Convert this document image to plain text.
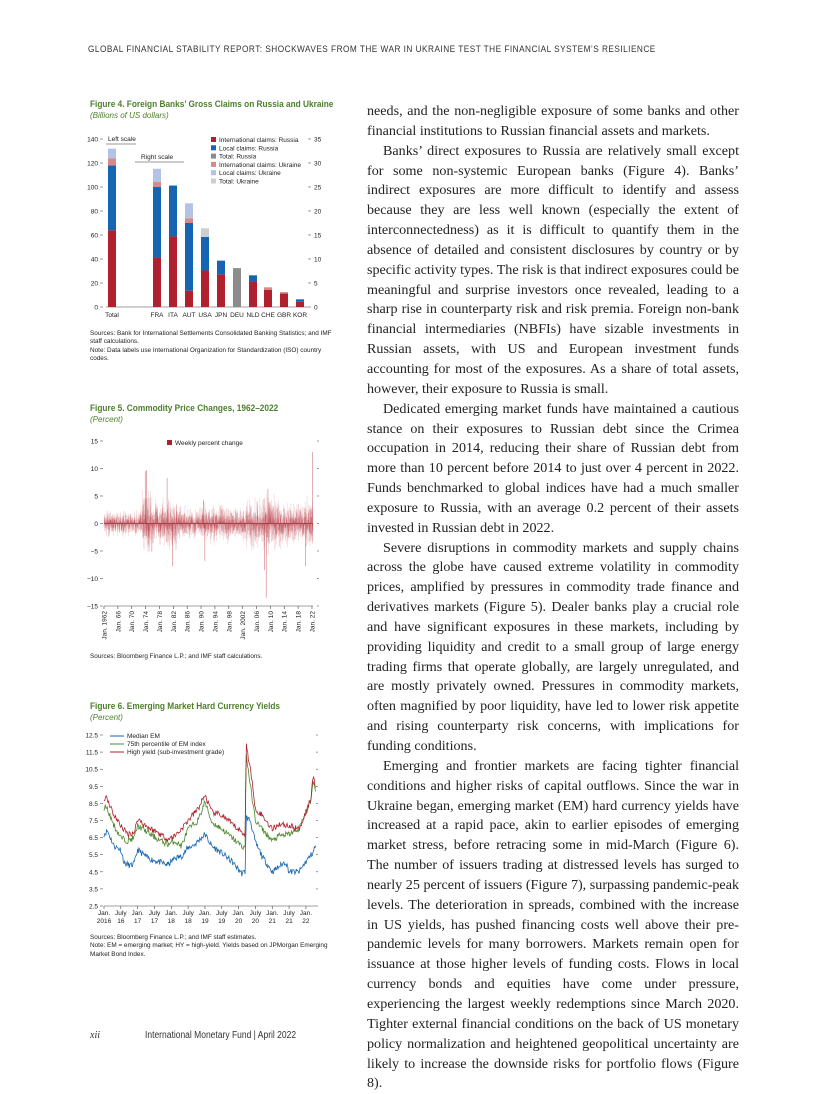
GLOBAL FINANCIAL STABILITY REPORT: SHOCKWAVES FROM THE WAR IN UKRAINE TEST THE FINANCIAL SYSTEM’S RESILIENCE
Figure 4. Foreign Banks’ Gross Claims on Russia and Ukraine
(Billions of US dollars)
0
20
40
60
80
100
120
140
0
5
10
15
20
25
30
35
Total	FRA ITA AUT USA JPN DEU NLD CHE GBR KOR
Left scale
Right scale
International claims: Russia
Local claims: Russia
Total: Russia
International claims: Ukraine
Local claims: Ukraine
Total: Ukraine
Sources: Bank for International Settlements Consolidated Banking Statistics; and IMF staff calculations.
Note: Data labels use International Organization for Standardization (ISO) country codes.
Figure 5. Commodity Price Changes, 1962–2022
(Percent)
15
10
5
0
−5
−10
−15
Jan. 1962 Jan. 66 Jan. 70 Jan. 74 Jan. 78 Jan. 82 Jan. 86 Jan. 90 Jan. 94 Jan. 98 Jan. 2002 Jan. 06 Jan. 10 Jan. 14 Jan. 18 Jan. 22
Weekly percent change
Sources: Bloomberg Finance L.P.; and IMF staff calculations.
Figure 6. Emerging Market Hard Currency Yields
(Percent)
2.5
3.5
4.5
5.5
6.5
7.5
8.5
9.5
10.5
11.5
12.5
Jan.
2016
July
16
Jan.
17
July
17
Jan.
18
July
18
Jan.
19
July
19
Jan.
20
July
20
Jan.
21
July
21
Jan.
22
Median EM
75th percentile of EM index
High yield (sub-investment grade)
Sources: Bloomberg Finance L.P.; and IMF staff estimates.
Note: EM = emerging market; HY = high-yield. Yields based on JPMorgan Emerging Market Bond Index.

needs, and the non-negligible exposure of some banks and other financial institutions to Russian financial assets and markets.

Banks’ direct exposures to Russia are relatively small except for some non-systemic European banks (Figure 4). Banks’ indirect exposures are more difficult to identify and assess because they are less well known (especially the extent of interconnectedness) as it is difficult to quantify them in the absence of detailed and consistent disclosures by country or by specific activity types. The risk is that indirect exposures could be meaningful and surprise investors once revealed, leading to a sharp rise in counterparty risk and risk premia. Foreign non-bank financial intermediaries (NBFIs) have sizable investments in Russian assets, with US and European investment funds accounting for most of the exposures. As a share of total assets, however, their exposure to Russia is small.

Dedicated emerging market funds have maintained a cautious stance on their exposures to Russian debt since the Crimea occupation in 2014, reducing their share of Russian debt from more than 10 percent before 2014 to just over 4 percent in 2022. Funds benchmarked to global indices have had a much smaller exposure to Russia, with an average 0.2 percent of their assets invested in Russian debt in 2022.

Severe disruptions in commodity markets and supply chains across the globe have caused extreme volatility in commodity prices, amplified by pressures in commodity trade finance and derivatives markets (Figure 5). Dealer banks play a crucial role and have significant exposures in these markets, including by providing liquidity and credit to a small group of large energy trading firms that operate globally, are largely unregulated, and are mostly privately owned. Pressures in commodity markets, often magnified by poor liquidity, have led to lower risk appetite and rising counterparty risk concerns, with implications for funding conditions.

Emerging and frontier markets are facing tighter financial conditions and higher risks of capital outflows. Since the war in Ukraine began, emerging market (EM) hard currency yields have increased at a rapid pace, akin to earlier episodes of emerging market stress, before retracing some in mid-March (Figure 6). The number of issuers trading at distressed levels has surged to nearly 25 percent of issuers (Figure 7), surpassing pandemic-peak levels. The deterioration in spreads, combined with the increase in US yields, has pushed financing costs well above their pre-pandemic levels for many borrowers. Markets remain open for issuance at those higher levels of funding costs. Flows in local currency bonds and equities have come under pressure, experiencing the largest weekly redemptions since March 2020. Tighter external financial conditions on the back of US monetary policy normalization and heightened geopolitical uncertainty are likely to increase the downside risks for portfolio flows (Figure 8).

xii	International Monetary Fund | April 2022
